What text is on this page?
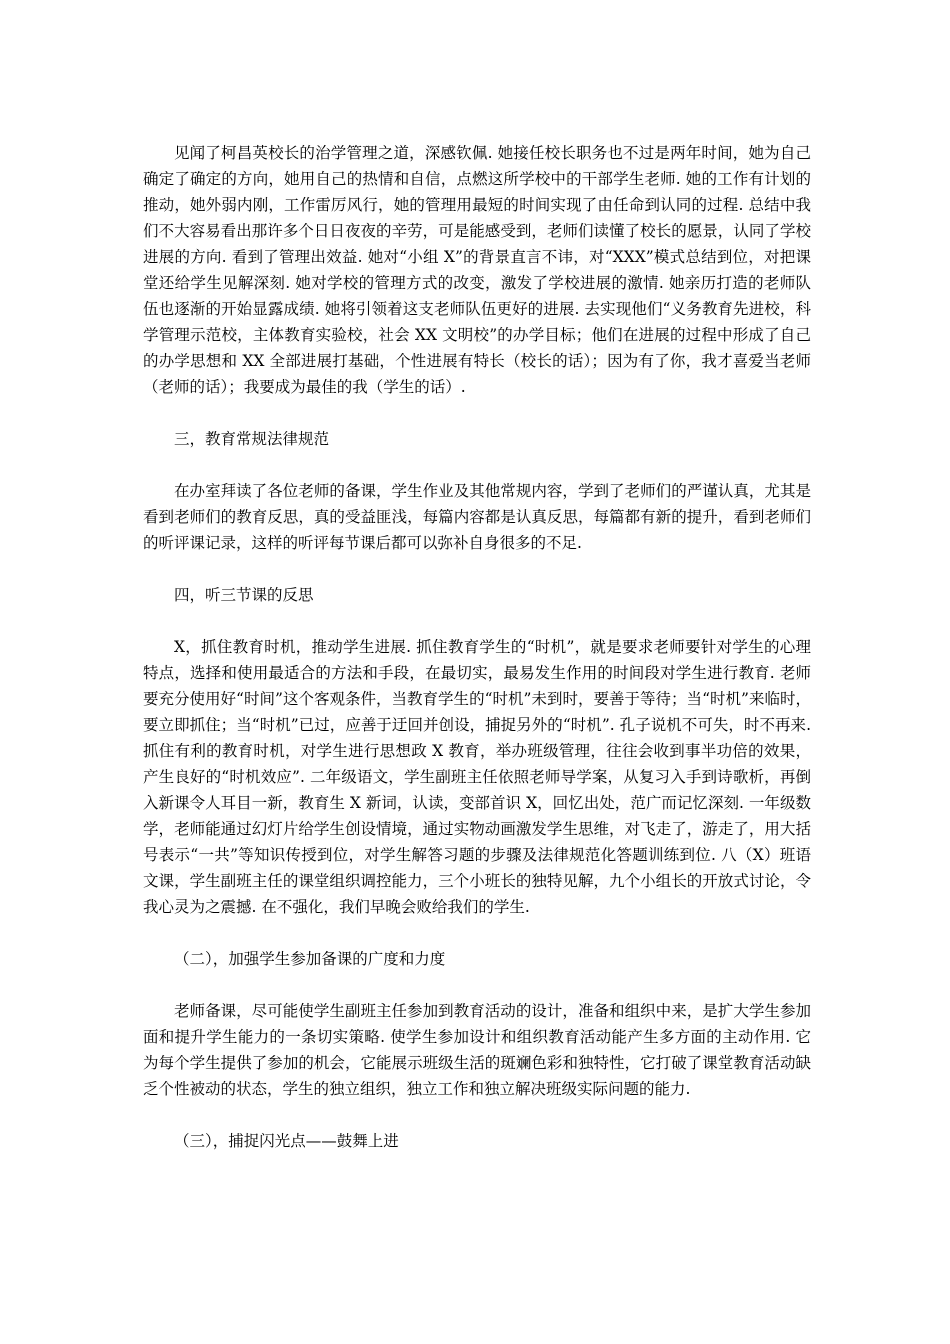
见闻了柯昌英校长的治学管理之道，深感钦佩. 她接任校长职务也不过是两年时间，她为自己确定了确定的方向，她用自己的热情和自信，点燃这所学校中的干部学生老师. 她的工作有计划的推动，她外弱内刚，工作雷厉风行，她的管理用最短的时间实现了由任命到认同的过程. 总结中我们不大容易看出那许多个日日夜夜的辛劳，可是能感受到，老师们读懂了校长的愿景，认同了学校进展的方向. 看到了管理出效益. 她对“小组 X”的背景直言不讳，对“XXX”模式总结到位，对把课堂还给学生见解深刻. 她对学校的管理方式的改变，激发了学校进展的激情. 她亲历打造的老师队伍也逐渐的开始显露成绩. 她将引领着这支老师队伍更好的进展. 去实现他们“义务教育先进校，科学管理示范校，主体教育实验校，社会 XX 文明校”的办学目标；他们在进展的过程中形成了自己的办学思想和 XX 全部进展打基础，个性进展有特长（校长的话）；因为有了你，我才喜爱当老师（老师的话）；我要成为最佳的我（学生的话）.

三，教育常规法律规范

在办室拜读了各位老师的备课，学生作业及其他常规内容，学到了老师们的严谨认真，尤其是看到老师们的教育反思，真的受益匪浅，每篇内容都是认真反思，每篇都有新的提升，看到老师们的听评课记录，这样的听评每节课后都可以弥补自身很多的不足.

四，听三节课的反思

X，抓住教育时机，推动学生进展. 抓住教育学生的“时机”，就是要求老师要针对学生的心理特点，选择和使用最适合的方法和手段，在最切实，最易发生作用的时间段对学生进行教育. 老师要充分使用好“时间”这个客观条件，当教育学生的“时机”未到时，要善于等待；当“时机”来临时，要立即抓住；当“时机”已过，应善于迂回并创设，捕捉另外的“时机”. 孔子说机不可失，时不再来. 抓住有利的教育时机，对学生进行思想政 X 教育，举办班级管理，往往会收到事半功倍的效果，产生良好的“时机效应”. 二年级语文，学生副班主任依照老师导学案，从复习入手到诗歌析，再倒入新课令人耳目一新，教育生 X 新词，认读，变部首识 X，回忆出处，范广而记忆深刻. 一年级数学，老师能通过幻灯片给学生创设情境，通过实物动画激发学生思维，对飞走了，游走了，用大括号表示“一共”等知识传授到位，对学生解答习题的步骤及法律规范化答题训练到位. 八（X）班语文课，学生副班主任的课堂组织调控能力，三个小班长的独特见解，九个小组长的开放式讨论，令我心灵为之震撼. 在不强化，我们早晚会败给我们的学生.

（二），加强学生参加备课的广度和力度

老师备课，尽可能使学生副班主任参加到教育活动的设计，准备和组织中来，是扩大学生参加面和提升学生能力的一条切实策略. 使学生参加设计和组织教育活动能产生多方面的主动作用. 它为每个学生提供了参加的机会，它能展示班级生活的斑斓色彩和独特性，它打破了课堂教育活动缺乏个性被动的状态，学生的独立组织，独立工作和独立解决班级实际问题的能力.

（三），捕捉闪光点——鼓舞上进
